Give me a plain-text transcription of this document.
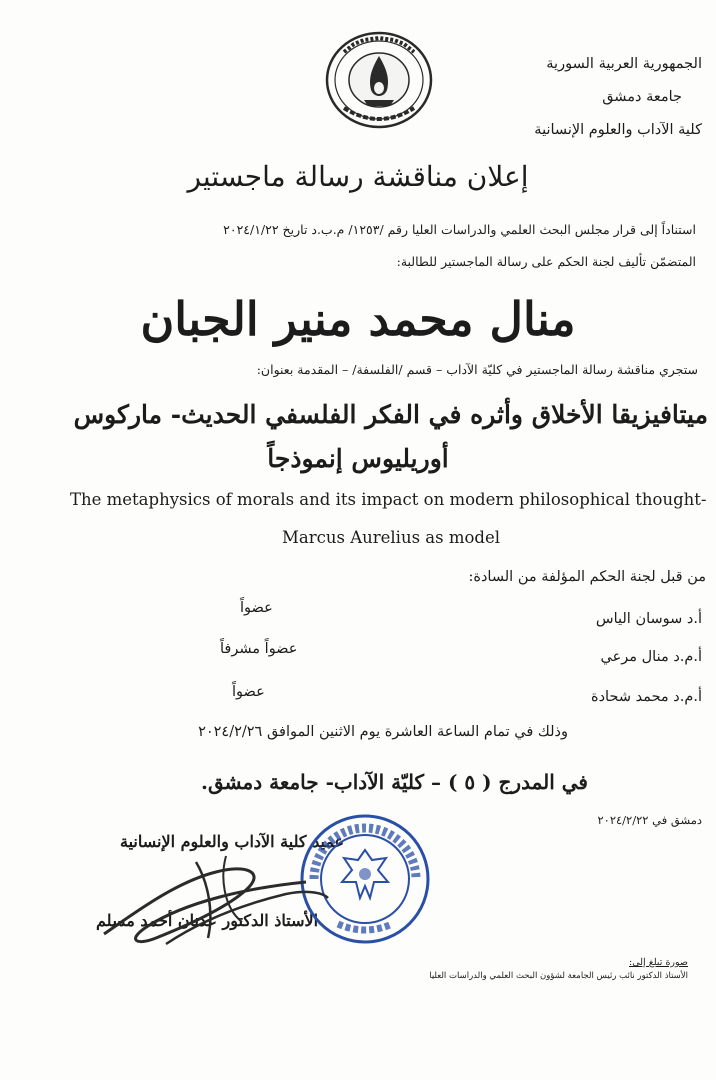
الجمهورية العربية السورية
جامعة دمشق
كلية الآداب والعلوم الإنسانية
إعلان مناقشة رسالة ماجستير
استناداً إلى قرار مجلس البحث العلمي والدراسات العليا رقم /١٢٥٣/ م.ب.د تاريخ ٢٠٢٤/١/٢٢
المتضمّن تأليف لجنة الحكم على رسالة الماجستير للطالبة:
منال محمد منير الجبان
ستجري مناقشة رسالة الماجستير في كليّة الآداب – قسم /الفلسفة/ – المقدمة بعنوان:
ميتافيزيقا الأخلاق وأثره في الفكر الفلسفي الحديث- ماركوس
أوريليوس إنموذجاً
The metaphysics of morals and its impact on modern philosophical thought-
Marcus Aurelius as model
من قبل لجنة الحكم المؤلفة من السادة:
أ.د سوسان الياس
عضواً
أ.م.د منال مرعي
عضواً مشرفاً
أ.م.د محمد شحادة
عضواً
وذلك في تمام الساعة العاشرة يوم الاثنين الموافق ٢٠٢٤/٢/٢٦
في المدرج ( ٥ ) – كليّة الآداب- جامعة دمشق.
دمشق في ٢٠٢٤/٢/٢٢
عميد كلية الآداب والعلوم الإنسانية
الأستاذ الدكتور عدنان أحمد مسلم
صورة تبلغ إلى:
الأستاذ الدكتور نائب رئيس الجامعة لشؤون البحث العلمي والدراسات العليا
